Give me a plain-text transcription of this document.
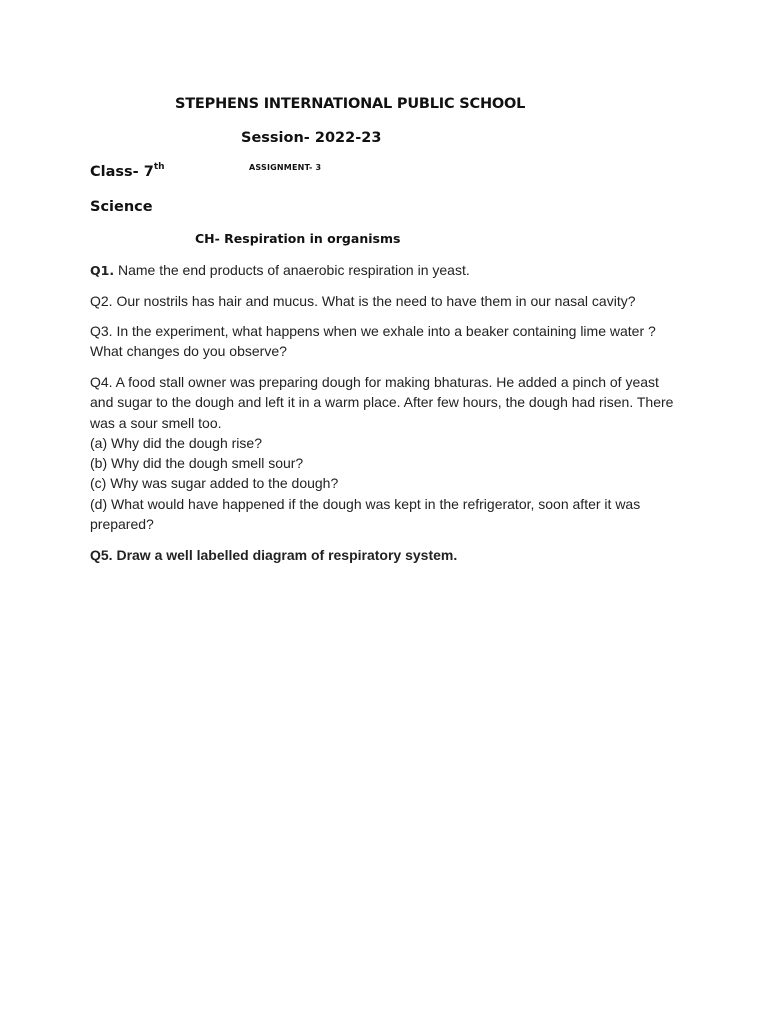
STEPHENS INTERNATIONAL PUBLIC SCHOOL
Session- 2022-23
Class- 7th	ASSIGNMENT- 3
Science
CH- Respiration in organisms
Q1. Name the end products of anaerobic respiration in yeast.
Q2. Our nostrils has hair and mucus. What is the need to have them in our nasal cavity?
Q3. In the experiment, what happens when we exhale into a beaker containing lime water ?
What changes do you observe?
Q4. A food stall owner was preparing dough for making bhaturas. He added a pinch of yeast
and sugar to the dough and left it in a warm place. After few hours, the dough had risen. There
was a sour smell too.
(a) Why did the dough rise?
(b) Why did the dough smell sour?
(c) Why was sugar added to the dough?
(d) What would have happened if the dough was kept in the refrigerator, soon after it was
prepared?
Q5. Draw a well labelled diagram of respiratory system.
